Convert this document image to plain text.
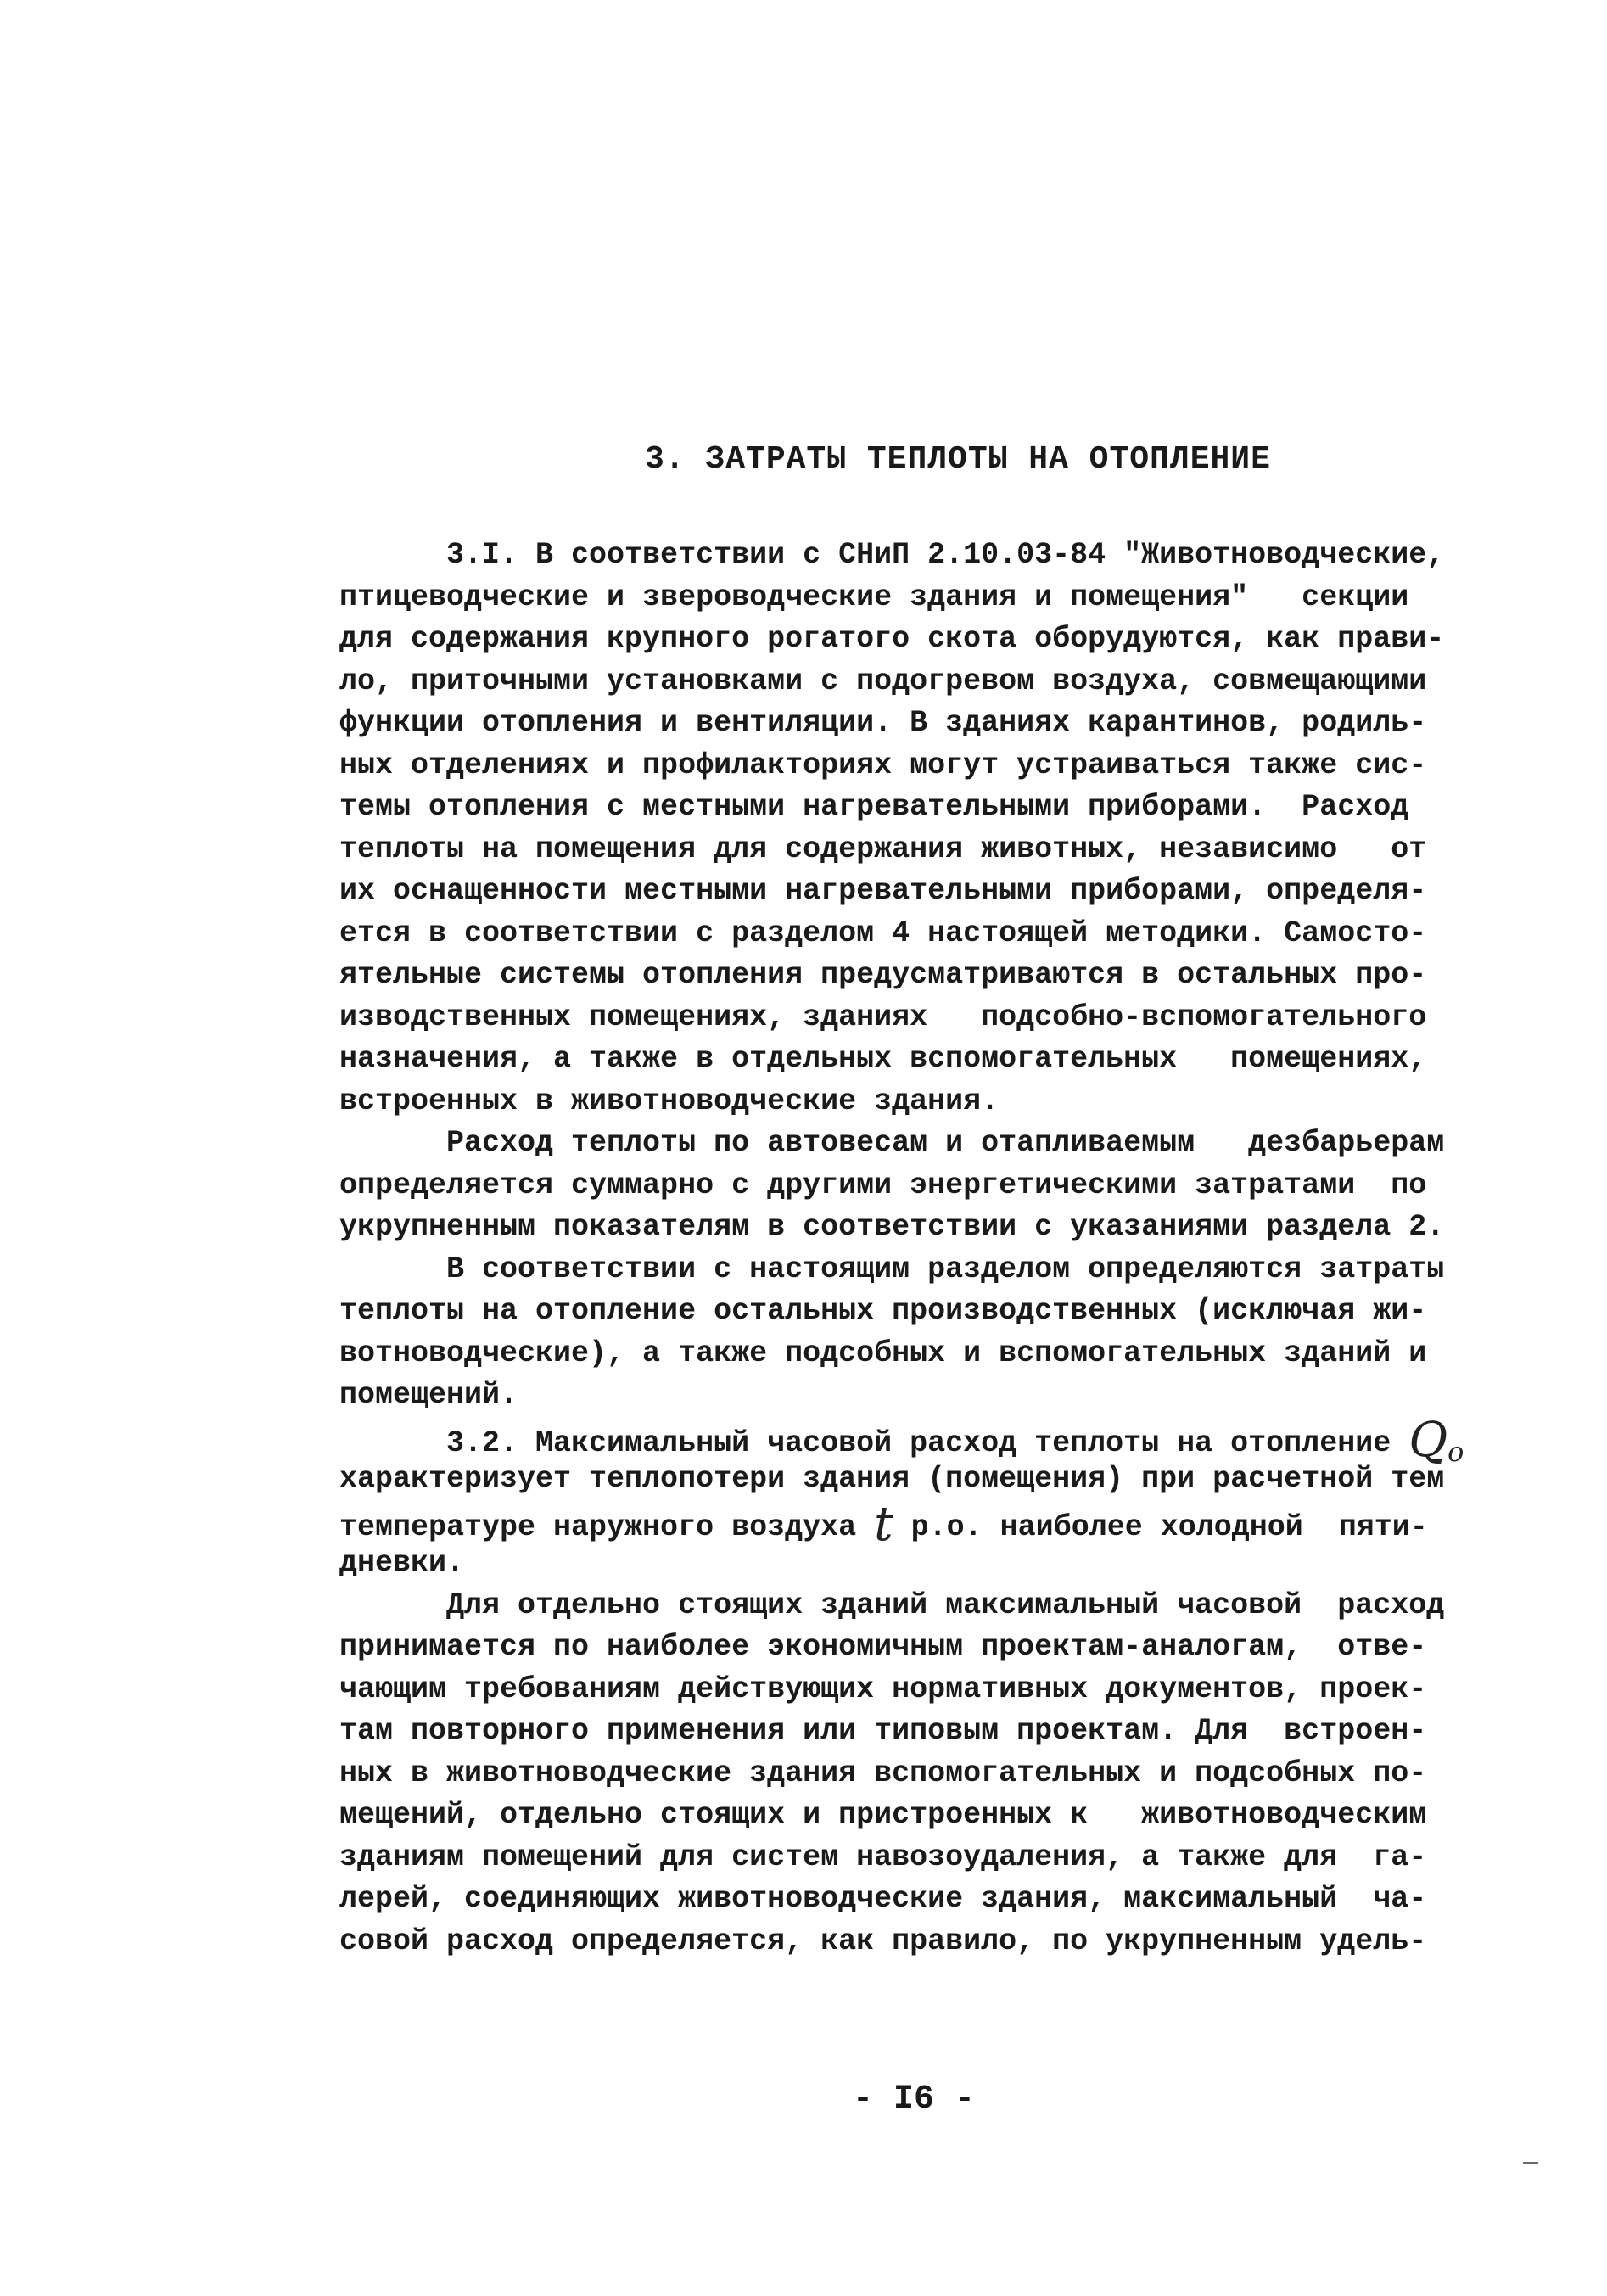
3. ЗАТРАТЫ ТЕПЛОТЫ НА ОТОПЛЕНИЕ
3.I. В соответствии с СНиП 2.10.03-84 "Животноводческие,
птицеводческие и звероводческие здания и помещения"   секции
для содержания крупного рогатого скота оборудуются, как прави-
ло, приточными установками с подогревом воздуха, совмещающими
функции отопления и вентиляции. В зданиях карантинов, родиль-
ных отделениях и профилакториях могут устраиваться также сис-
темы отопления с местными нагревательными приборами.  Расход
теплоты на помещения для содержания животных, независимо   от
их оснащенности местными нагревательными приборами, определя-
ется в соответствии с разделом 4 настоящей методики. Самосто-
ятельные системы отопления предусматриваются в остальных про-
изводственных помещениях, зданиях   подсобно-вспомогательного
назначения, а также в отдельных вспомогательных   помещениях,
встроенных в животноводческие здания.
Расход теплоты по автовесам и отапливаемым   дезбарьерам
определяется суммарно с другими энергетическими затратами  по
укрупненным показателям в соответствии с указаниями раздела 2.
В соответствии с настоящим разделом определяются затраты
теплоты на отопление остальных производственных (исключая жи-
вотноводческие), а также подсобных и вспомогательных зданий и
помещений.
3.2. Максимальный часовой расход теплоты на отопление Qo
характеризует теплопотери здания (помещения) при расчетной тем
температуре наружного воздуха t р.о. наиболее холодной  пяти-
дневки.
Для отдельно стоящих зданий максимальный часовой  расход
принимается по наиболее экономичным проектам-аналогам,  отве-
чающим требованиям действующих нормативных документов, проек-
там повторного применения или типовым проектам. Для  встроен-
ных в животноводческие здания вспомогательных и подсобных по-
мещений, отдельно стоящих и пристроенных к   животноводческим
зданиям помещений для систем навозоудаления, а также для  га-
лерей, соединяющих животноводческие здания, максимальный  ча-
совой расход определяется, как правило, по укрупненным удель-
- I6 -
